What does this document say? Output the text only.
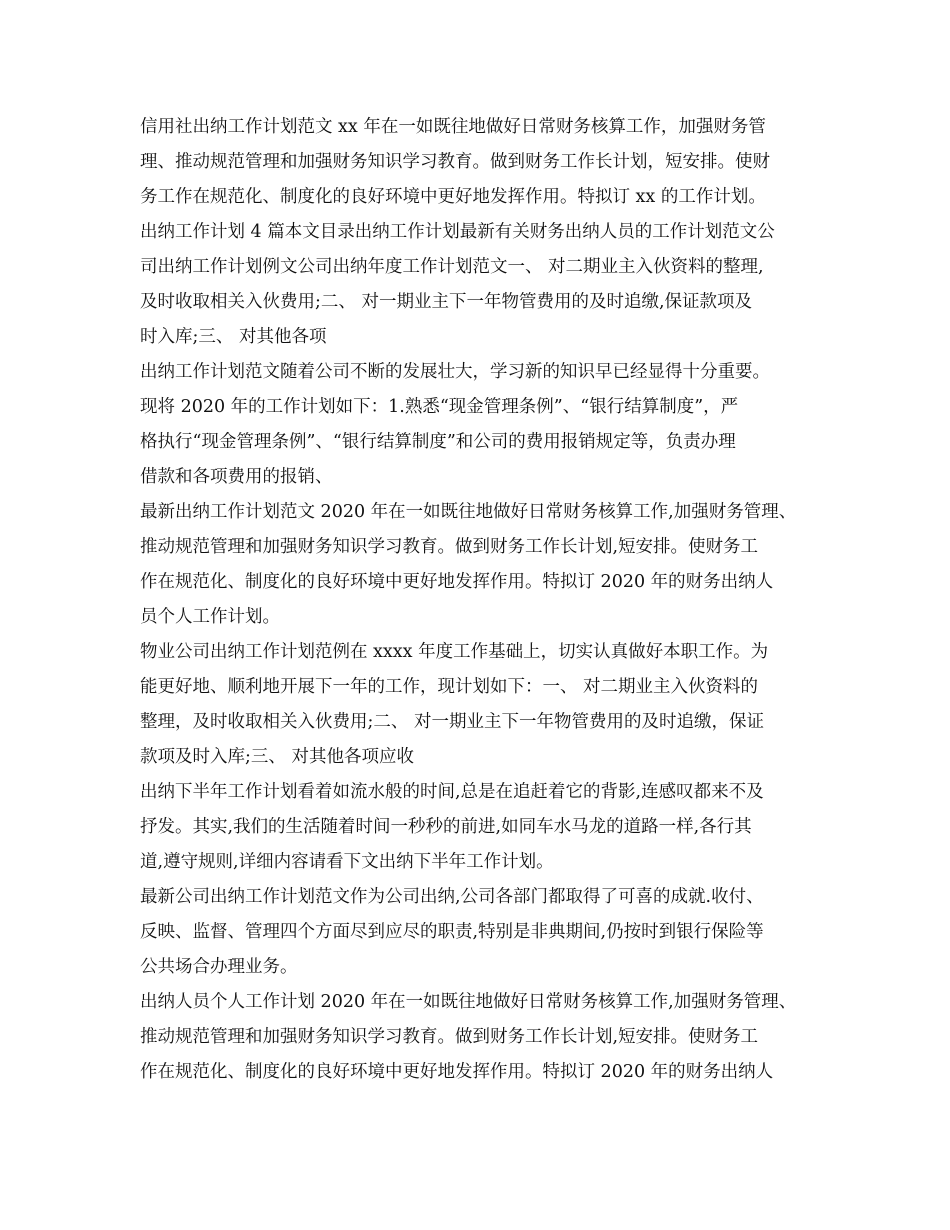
信用社出纳工作计划范文 xx 年在一如既往地做好日常财务核算工作，加强财务管
理、推动规范管理和加强财务知识学习教育。做到财务工作长计划，短安排。使财
务工作在规范化、制度化的良好环境中更好地发挥作用。特拟订 xx 的工作计划。
出纳工作计划 4 篇本文目录出纳工作计划最新有关财务出纳人员的工作计划范文公
司出纳工作计划例文公司出纳年度工作计划范文一、 对二期业主入伙资料的整理,
及时收取相关入伙费用;二、 对一期业主下一年物管费用的及时追缴,保证款项及
时入库;三、 对其他各项
出纳工作计划范文随着公司不断的发展壮大，学习新的知识早已经显得十分重要。
现将 2020 年的工作计划如下：1.熟悉“现金管理条例”、“银行结算制度”，严
格执行“现金管理条例”、“银行结算制度”和公司的费用报销规定等，负责办理
借款和各项费用的报销、
最新出纳工作计划范文 2020 年在一如既往地做好日常财务核算工作,加强财务管理、
推动规范管理和加强财务知识学习教育。做到财务工作长计划,短安排。使财务工
作在规范化、制度化的良好环境中更好地发挥作用。特拟订 2020 年的财务出纳人
员个人工作计划。
物业公司出纳工作计划范例在 xxxx 年度工作基础上，切实认真做好本职工作。为
能更好地、顺利地开展下一年的工作，现计划如下：一、 对二期业主入伙资料的
整理，及时收取相关入伙费用;二、 对一期业主下一年物管费用的及时追缴，保证
款项及时入库;三、 对其他各项应收
出纳下半年工作计划看着如流水般的时间,总是在追赶着它的背影,连感叹都来不及
抒发。其实,我们的生活随着时间一秒秒的前进,如同车水马龙的道路一样,各行其
道,遵守规则,详细内容请看下文出纳下半年工作计划。
最新公司出纳工作计划范文作为公司出纳,公司各部门都取得了可喜的成就.收付、
反映、监督、管理四个方面尽到应尽的职责,特别是非典期间,仍按时到银行保险等
公共场合办理业务。
出纳人员个人工作计划 2020 年在一如既往地做好日常财务核算工作,加强财务管理、
推动规范管理和加强财务知识学习教育。做到财务工作长计划,短安排。使财务工
作在规范化、制度化的良好环境中更好地发挥作用。特拟订 2020 年的财务出纳人
